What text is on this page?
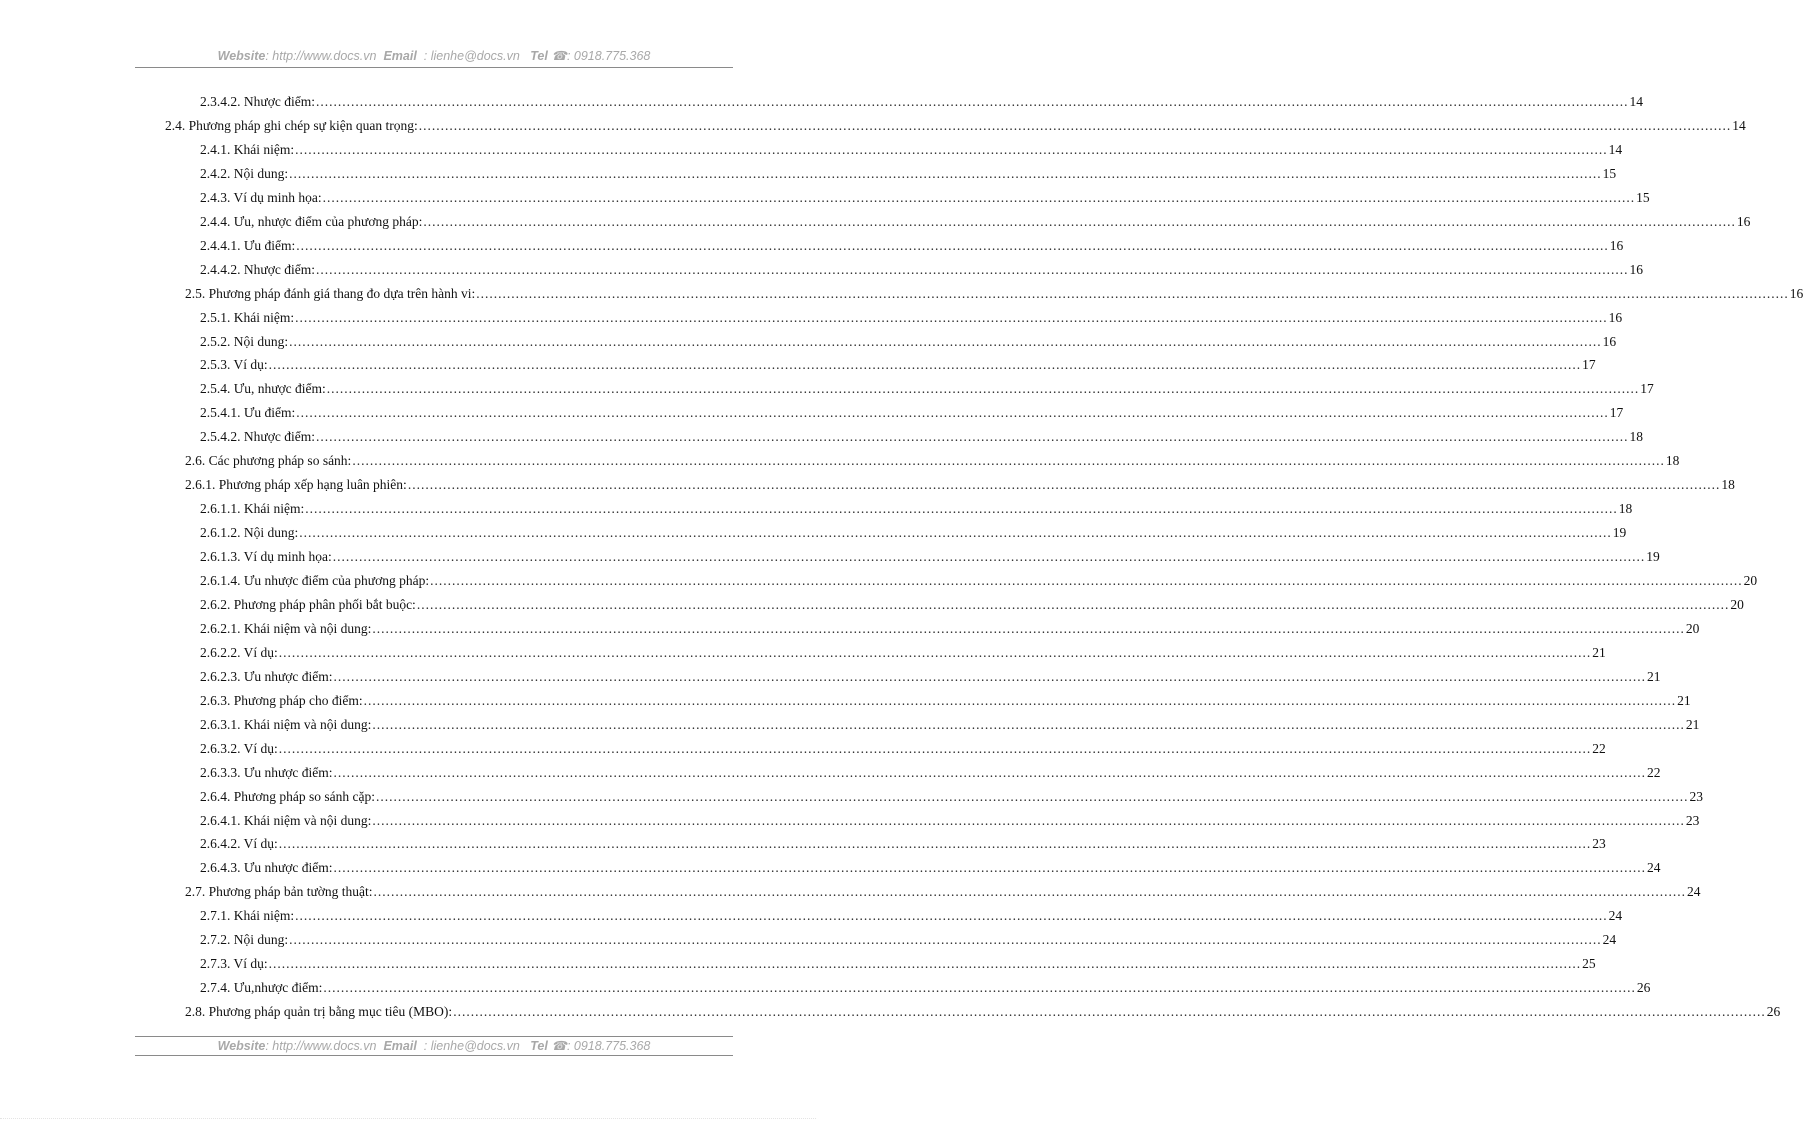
Website: http://www.docs.vn Email : lienhe@docs.vn Tel ☎: 0918.775.368
2.3.4.2. Nhược điểm: ............................................................................................................................................................................................................................................................................................................ 14
2.4. Phương pháp ghi chép sự kiện quan trọng: ............................................................................................................................................................................................................................................................................................................ 14
2.4.1. Khái niệm: ............................................................................................................................................................................................................................................................................................................ 14
2.4.2. Nội dung: ............................................................................................................................................................................................................................................................................................................ 15
2.4.3. Ví dụ minh họa: ............................................................................................................................................................................................................................................................................................................ 15
2.4.4. Ưu, nhược điểm của phương pháp: ............................................................................................................................................................................................................................................................................................................ 16
2.4.4.1. Ưu điểm: ............................................................................................................................................................................................................................................................................................................ 16
2.4.4.2. Nhược điểm: ............................................................................................................................................................................................................................................................................................................ 16
2.5. Phương pháp đánh giá thang đo dựa trên hành vi: ............................................................................................................................................................................................................................................................................................................ 16
2.5.1. Khái niệm: ............................................................................................................................................................................................................................................................................................................ 16
2.5.2. Nội dung: ............................................................................................................................................................................................................................................................................................................ 16
2.5.3. Ví dụ: ............................................................................................................................................................................................................................................................................................................ 17
2.5.4. Ưu, nhược điểm: ............................................................................................................................................................................................................................................................................................................ 17
2.5.4.1. Ưu điểm: ............................................................................................................................................................................................................................................................................................................ 17
2.5.4.2. Nhược điểm: ............................................................................................................................................................................................................................................................................................................ 18
2.6. Các phương pháp so sánh: ............................................................................................................................................................................................................................................................................................................ 18
2.6.1. Phương pháp xếp hạng luân phiên: ............................................................................................................................................................................................................................................................................................................ 18
2.6.1.1. Khái niệm: ............................................................................................................................................................................................................................................................................................................ 18
2.6.1.2. Nội dung: ............................................................................................................................................................................................................................................................................................................ 19
2.6.1.3. Ví dụ minh họa: ............................................................................................................................................................................................................................................................................................................ 19
2.6.1.4. Ưu nhược điểm của phương pháp: ............................................................................................................................................................................................................................................................................................................ 20
2.6.2. Phương pháp phân phối bắt buộc: ............................................................................................................................................................................................................................................................................................................ 20
2.6.2.1. Khái niệm và nội dung: ............................................................................................................................................................................................................................................................................................................ 20
2.6.2.2. Ví dụ: ............................................................................................................................................................................................................................................................................................................ 21
2.6.2.3. Ưu nhược điểm: ............................................................................................................................................................................................................................................................................................................ 21
2.6.3. Phương pháp cho điểm: ............................................................................................................................................................................................................................................................................................................ 21
2.6.3.1. Khái niệm và nội dung: ............................................................................................................................................................................................................................................................................................................ 21
2.6.3.2. Ví dụ: ............................................................................................................................................................................................................................................................................................................ 22
2.6.3.3. Ưu nhược điểm: ............................................................................................................................................................................................................................................................................................................ 22
2.6.4. Phương pháp so sánh cặp: ............................................................................................................................................................................................................................................................................................................ 23
2.6.4.1. Khái niệm và nội dung: ............................................................................................................................................................................................................................................................................................................ 23
2.6.4.2. Ví dụ: ............................................................................................................................................................................................................................................................................................................ 23
2.6.4.3. Ưu nhược điểm: ............................................................................................................................................................................................................................................................................................................ 24
2.7. Phương pháp bản tường thuật: ............................................................................................................................................................................................................................................................................................................ 24
2.7.1. Khái niệm: ............................................................................................................................................................................................................................................................................................................ 24
2.7.2. Nội dung: ............................................................................................................................................................................................................................................................................................................ 24
2.7.3. Ví dụ: ............................................................................................................................................................................................................................................................................................................ 25
2.7.4. Ưu,nhược điểm: ............................................................................................................................................................................................................................................................................................................ 26
2.8. Phương pháp quản trị bằng mục tiêu (MBO): ............................................................................................................................................................................................................................................................................................................ 26
Website: http://www.docs.vn Email : lienhe@docs.vn Tel ☎: 0918.775.368
